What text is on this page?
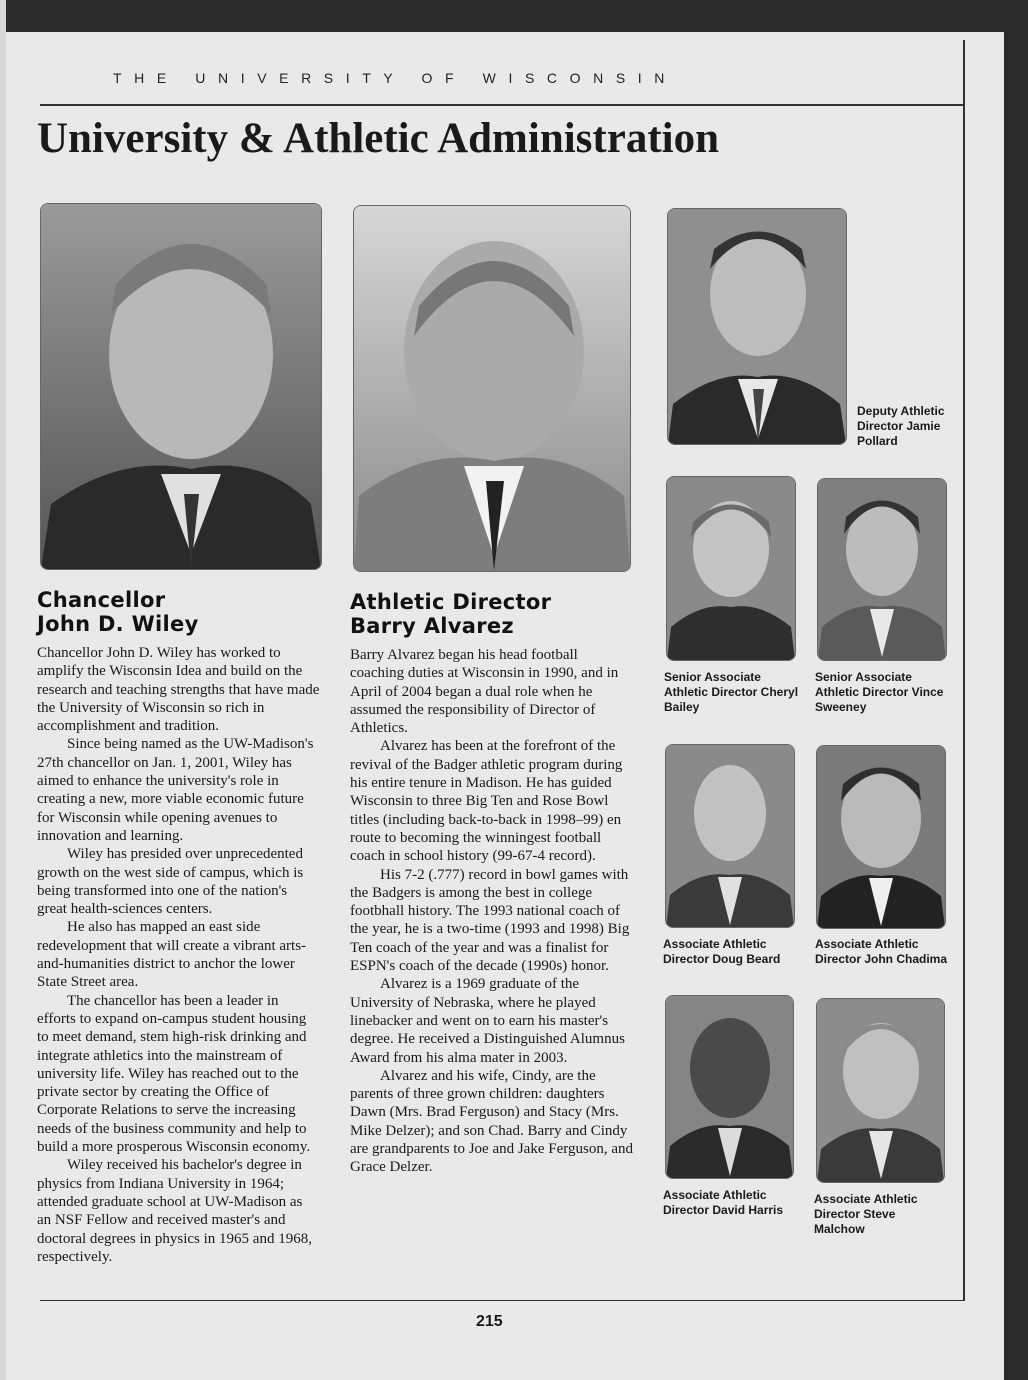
THE UNIVERSITY OF WISCONSIN
University & Athletic Administration
Deputy Athletic Director Jamie Pollard
Senior Associate Athletic Director Cheryl Bailey
Senior Associate Athletic Director Vince Sweeney
Associate Athletic Director Doug Beard
Associate Athletic Director John Chadima
Associate Athletic Director David Harris
Associate Athletic Director Steve Malchow
Chancellor
John D. Wiley

Chancellor John D. Wiley has worked to amplify the Wisconsin Idea and build on the research and teaching strengths that have made the University of Wisconsin so rich in accomplishment and tradition.

Since being named as the UW-Madison's 27th chancellor on Jan. 1, 2001, Wiley has aimed to enhance the university's role in creating a new, more viable economic future for Wisconsin while opening avenues to innovation and learning.

Wiley has presided over unprecedented growth on the west side of campus, which is being transformed into one of the nation's great health-sciences centers.

He also has mapped an east side redevelopment that will create a vibrant arts-and-humanities district to anchor the lower State Street area.

The chancellor has been a leader in efforts to expand on-campus student housing to meet demand, stem high-risk drinking and integrate athletics into the mainstream of university life. Wiley has reached out to the private sector by creating the Office of Corporate Relations to serve the increasing needs of the business community and help to build a more prosperous Wisconsin economy.

Wiley received his bachelor's degree in physics from Indiana University in 1964; attended graduate school at UW-Madison as an NSF Fellow and received master's and doctoral degrees in physics in 1965 and 1968, respectively.

Athletic Director
Barry Alvarez

Barry Alvarez began his head football coaching duties at Wisconsin in 1990, and in April of 2004 began a dual role when he assumed the responsibility of Director of Athletics.

Alvarez has been at the forefront of the revival of the Badger athletic program during his entire tenure in Madison. He has guided Wisconsin to three Big Ten and Rose Bowl titles (including back-to-back in 1998–99) en route to becoming the winningest football coach in school history (99-67-4 record).

His 7-2 (.777) record in bowl games with the Badgers is among the best in college footbhall history. The 1993 national coach of the year, he is a two-time (1993 and 1998) Big Ten coach of the year and was a finalist for ESPN's coach of the decade (1990s) honor.

Alvarez is a 1969 graduate of the University of Nebraska, where he played linebacker and went on to earn his master's degree. He received a Distinguished Alumnus Award from his alma mater in 2003.

Alvarez and his wife, Cindy, are the parents of three grown children: daughters Dawn (Mrs. Brad Ferguson) and Stacy (Mrs. Mike Delzer); and son Chad. Barry and Cindy are grandparents to Joe and Jake Ferguson, and Grace Delzer.

215
